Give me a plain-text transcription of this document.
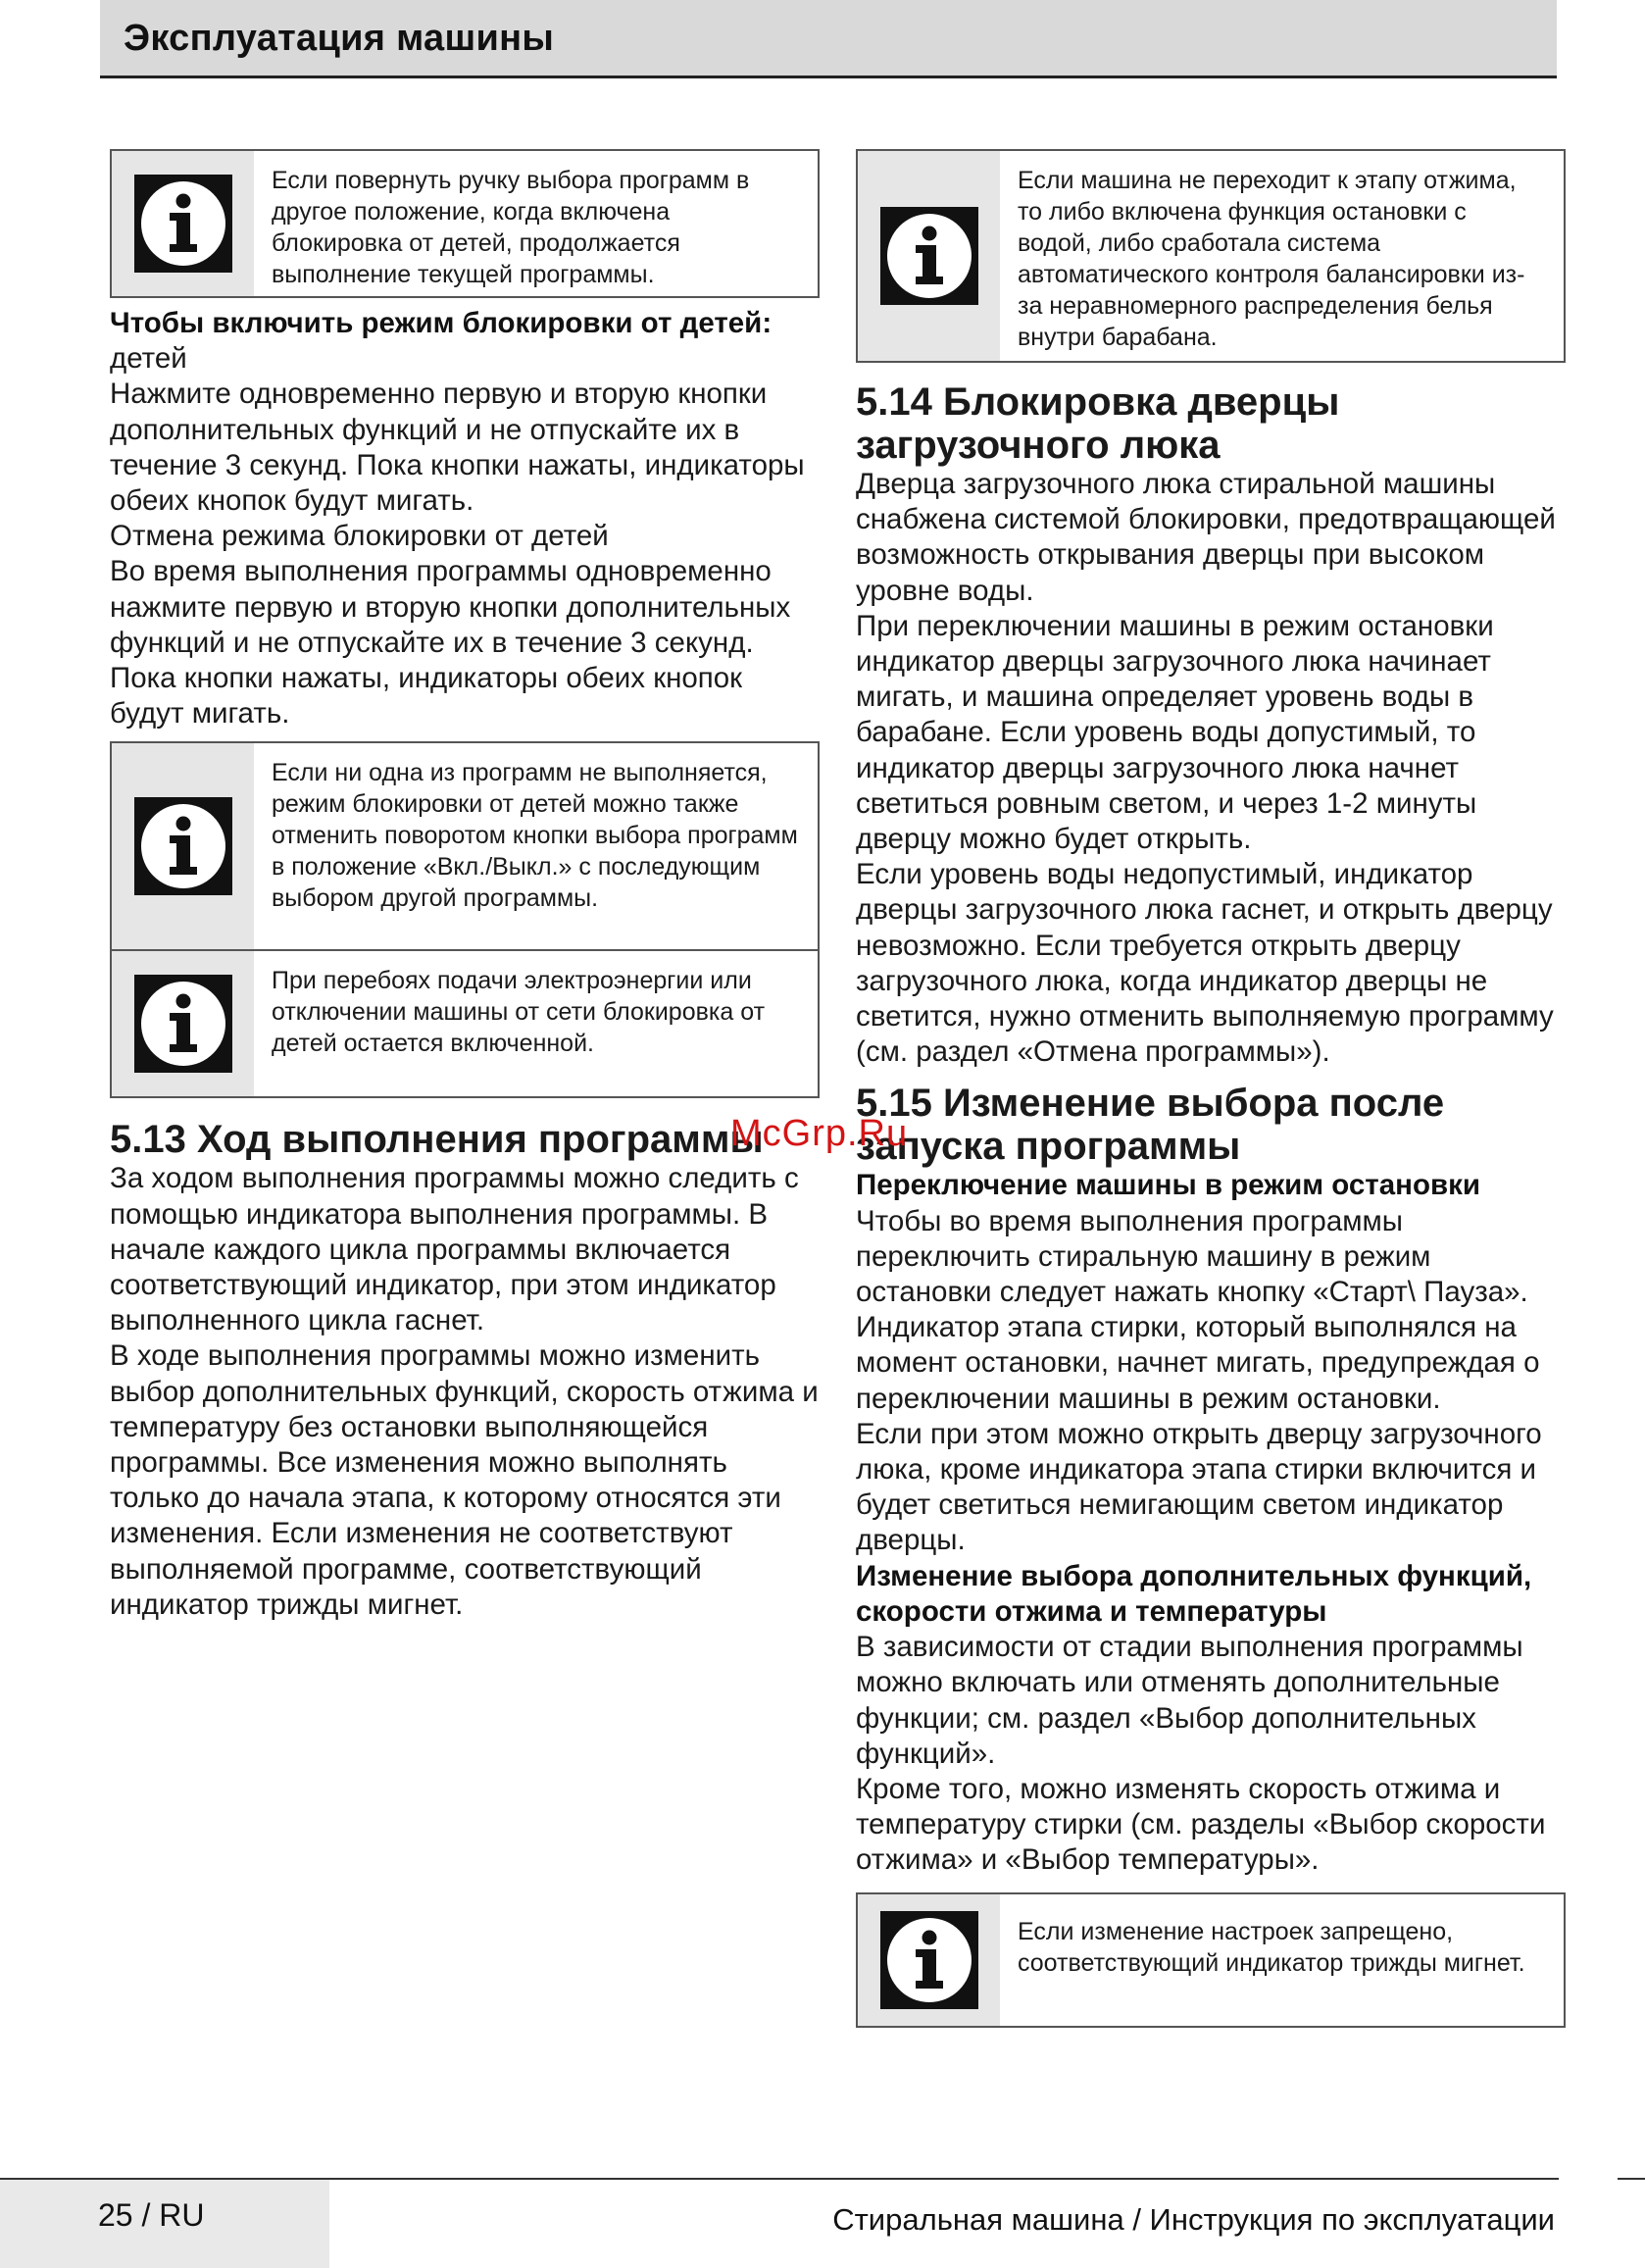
Эксплуатация машины
Если повернуть ручку выбора программ в другое положение, когда включена блокировка от детей, продолжается выполнение текущей программы.
Чтобы включить режим блокировки от детей:
детей
Нажмите одновременно первую и вторую кнопки дополнительных функций и не отпускайте их в течение 3 секунд. Пока кнопки нажаты, индикаторы обеих кнопок будут мигать.
Отмена режима блокировки от детей
Во время выполнения программы одновременно нажмите первую и вторую кнопки дополнительных функций и не отпускайте их в течение 3 секунд. Пока кнопки нажаты, индикаторы обеих кнопок будут мигать.
Если ни одна из программ не выполняется, режим блокировки от детей можно также отменить поворотом кнопки выбора программ в положение «Вкл./Выкл.» с последующим выбором другой программы.
При перебоях подачи электроэнергии или отключении машины от сети блокировка от детей остается включенной.
5.13 Ход выполнения программы
За ходом выполнения программы можно следить с помощью индикатора выполнения программы. В начале каждого цикла программы включается соответствующий индикатор, при этом индикатор выполненного цикла гаснет.
В ходе выполнения программы можно изменить выбор дополнительных функций, скорость отжима и температуру без остановки выполняющейся программы. Все изменения можно выполнять только до начала этапа, к которому относятся эти изменения. Если изменения не соответствуют выполняемой программе, соответствующий индикатор трижды мигнет.
Если машина не переходит к этапу отжима, то либо включена функция остановки с водой, либо сработала система автоматического контроля балансировки из-за неравномерного распределения белья внутри барабана.
5.14 Блокировка дверцы загрузочного люка
Дверца загрузочного люка стиральной машины снабжена системой блокировки, предотвращающей возможность открывания дверцы при высоком уровне воды.
При переключении машины в режим остановки индикатор дверцы загрузочного люка начинает мигать, и машина определяет уровень воды в барабане. Если уровень воды допустимый, то индикатор дверцы загрузочного люка начнет светиться ровным светом, и через 1-2 минуты дверцу можно будет открыть.
Если уровень воды недопустимый, индикатор дверцы загрузочного люка гаснет, и открыть дверцу невозможно. Если требуется открыть дверцу загрузочного люка, когда индикатор дверцы не светится, нужно отменить выполняемую программу (см. раздел «Отмена программы»).
5.15 Изменение выбора после запуска программы
Переключение машины в режим остановки
Чтобы во время выполнения программы переключить стиральную машину в режим остановки следует нажать кнопку «Старт\ Пауза». Индикатор этапа стирки, который выполнялся на момент остановки, начнет мигать, предупреждая о переключении машины в режим остановки.
Если при этом можно открыть дверцу загрузочного люка, кроме индикатора этапа стирки включится и будет светиться немигающим светом индикатор дверцы.
Изменение выбора дополнительных функций, скорости отжима и температуры
В зависимости от стадии выполнения программы можно включать или отменять дополнительные функции; см. раздел «Выбор дополнительных функций».
Кроме того, можно изменять скорость отжима и температуру стирки (см. разделы «Выбор скорости отжима» и «Выбор температуры».
Если изменение настроек запрещено, соответствующий индикатор трижды мигнет.
McGrp.Ru
25 / RU	Стиральная машина / Инструкция по эксплуатации
